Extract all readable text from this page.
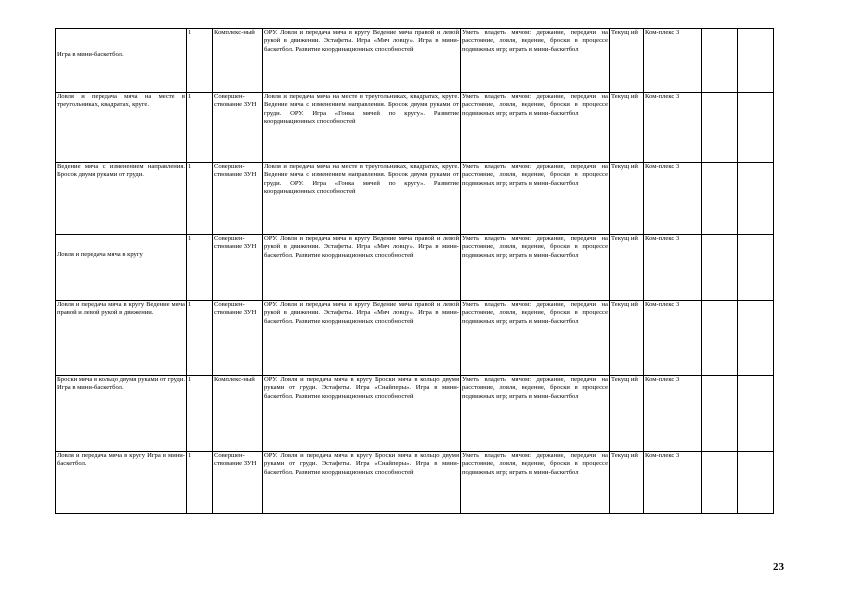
Игра в мини-баскетбол.	1	Комплекс-ный	ОРУ. Ловля и передача мяча в кругу Ведение мяча правой и левой рукой в движении. Эстафеты. Игра «Мяч ловцу». Игра в мини-баскетбол. Развитие координационных способностей	Уметь владеть мячом: держание, передачи на расстояние, ловля, ведение, броски в процессе подвижных игр; играть в мини-баскетбол	Текущ ий	Ком-плекс 3		
Ловля и передача мяча на месте в треугольниках, квадратах, круге.	1	Совершен-ствование ЗУН	Ловля и передача мяча на месте в треугольниках, квадратах, круге. Ведение мяча с изменением направления. Бросок двумя руками от груди. ОРУ. Игра «Гонка мячей по кругу». Развитие координационных способностей	Уметь владеть мячом: держание, передачи на расстояние, ловля, ведение, броски в процессе подвижных игр; играть в мини-баскетбол	Текущ ий	Ком-плекс 3		
Ведение мяча с изменением направления. Бросок двумя руками от груди.	1	Совершен-ствование ЗУН	Ловля и передача мяча на месте в треугольниках, квадратах, круге. Ведение мяча с изменением направления. Бросок двумя руками от груди. ОРУ. Игра «Гонка мячей по кругу». Развитие координационных способностей	Уметь владеть мячом: держание, передачи на расстояние, ловля, ведение, броски в процессе подвижных игр; играть в мини-баскетбол	Текущ ий	Ком-плекс 3		
Ловля и передача мяча в кругу	1	Совершен-ствование ЗУН	ОРУ. Ловля и передача мяча в кругу Ведение мяча правой и левой рукой в движении. Эстафеты. Игра «Мяч ловцу». Игра в мини-баскетбол. Развитие координационных способностей	Уметь владеть мячом: держание, передачи на расстояние, ловля, ведение, броски в процессе подвижных игр; играть в мини-баскетбол	Текущ ий	Ком-плекс 3		
Ловля и передача мяча в кругу Ведение мяча правой и левой рукой в движении.	1	Совершен-ствование ЗУН	ОРУ. Ловля и передача мяча в кругу Ведение мяча правой и левой рукой в движении. Эстафеты. Игра «Мяч ловцу». Игра в мини-баскетбол. Развитие координационных способностей	Уметь владеть мячом: держание, передачи на расстояние, ловля, ведение, броски в процессе подвижных игр; играть в мини-баскетбол	Текущ ий	Ком-плекс 3		
Броски мяча в кольцо двумя руками от груди. Игра в мини-баскетбол.	1	Комплекс-ный	ОРУ. Ловля и передача мяча в кругу Броски мяча в кольцо двумя руками от груди. Эстафеты. Игра «Снайперы». Игра в мини-баскетбол. Развитие координационных способностей	Уметь владеть мячом: держание, передачи на расстояние, ловля, ведение, броски в процессе подвижных игр; играть в мини-баскетбол	Текущ ий	Ком-плекс 3		
Ловля и передача мяча в кругу Игра в мини-баскетбол.	1	Совершен-ствование ЗУН	ОРУ. Ловля и передача мяча в кругу Броски мяча в кольцо двумя руками от груди. Эстафеты. Игра «Снайперы». Игра в мини-баскетбол. Развитие координационных способностей	Уметь владеть мячом: держание, передачи на расстояние, ловля, ведение, броски в процессе подвижных игр; играть в мини-баскетбол	Текущ ий	Ком-плекс 3		
23
